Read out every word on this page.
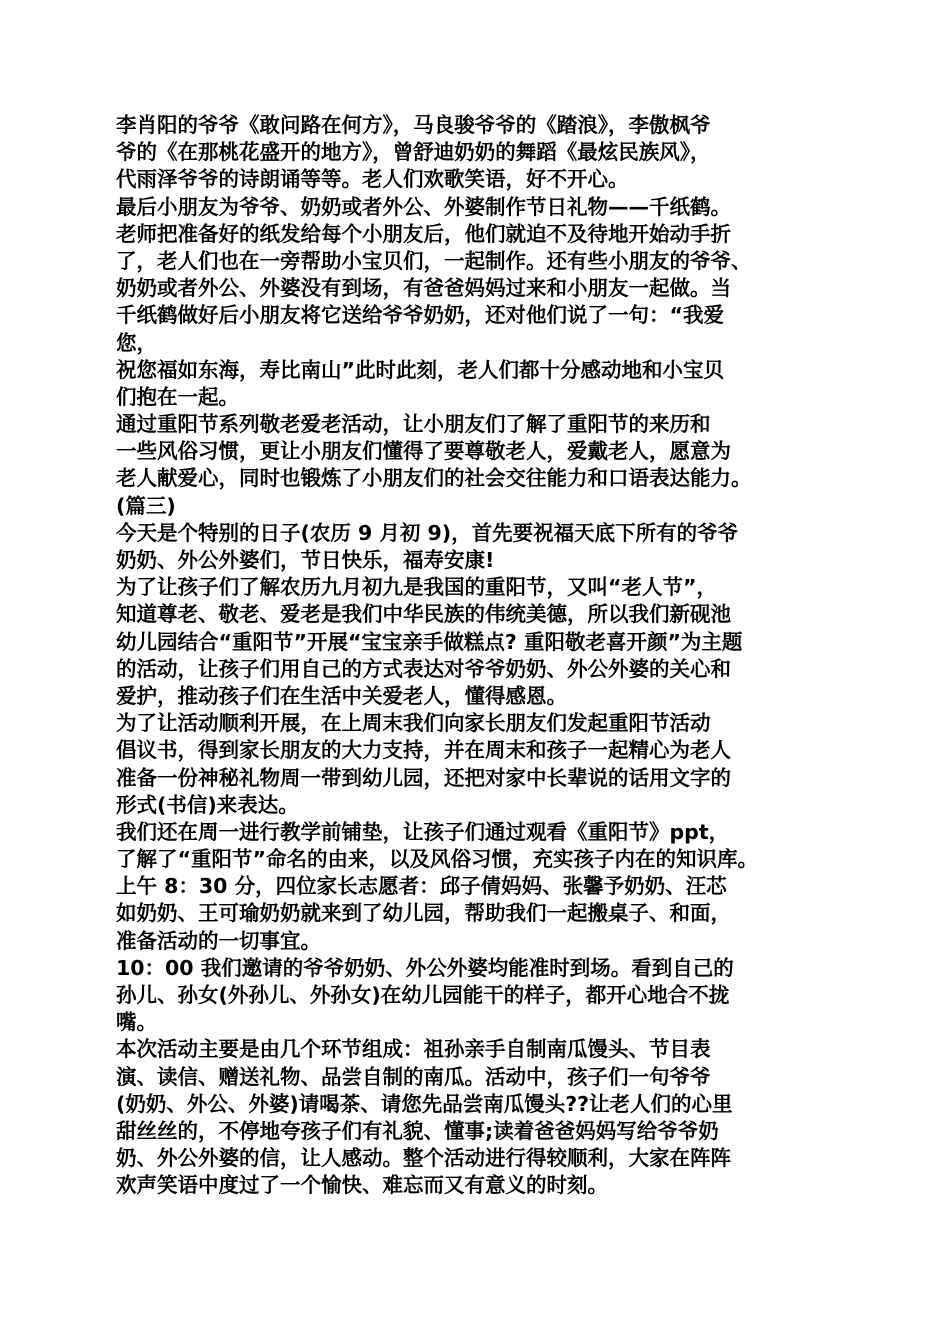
李肖阳的爷爷《敢问路在何方》，马良骏爷爷的《踏浪》，李傲枫爷
爷的《在那桃花盛开的地方》，曾舒迪奶奶的舞蹈《最炫民族风》，
代雨泽爷爷的诗朗诵等等。老人们欢歌笑语，好不开心。
最后小朋友为爷爷、奶奶或者外公、外婆制作节日礼物——千纸鹤。
老师把准备好的纸发给每个小朋友后，他们就迫不及待地开始动手折
了，老人们也在一旁帮助小宝贝们，一起制作。还有些小朋友的爷爷、
奶奶或者外公、外婆没有到场，有爸爸妈妈过来和小朋友一起做。当
千纸鹤做好后小朋友将它送给爷爷奶奶，还对他们说了一句：“我爱
您，
祝您福如东海，寿比南山”此时此刻，老人们都十分感动地和小宝贝
们抱在一起。
通过重阳节系列敬老爱老活动，让小朋友们了解了重阳节的来历和
一些风俗习惯，更让小朋友们懂得了要尊敬老人，爱戴老人，愿意为
老人献爱心，同时也锻炼了小朋友们的社会交往能力和口语表达能力。
(篇三)
今天是个特别的日子(农历 9 月初 9)，首先要祝福天底下所有的爷爷
奶奶、外公外婆们，节日快乐，福寿安康!
为了让孩子们了解农历九月初九是我国的重阳节，又叫“老人节”，
知道尊老、敬老、爱老是我们中华民族的伟统美德，所以我们新砚池
幼儿园结合“重阳节”开展“宝宝亲手做糕点? 重阳敬老喜开颜”为主题
的活动，让孩子们用自己的方式表达对爷爷奶奶、外公外婆的关心和
爱护，推动孩子们在生活中关爱老人，懂得感恩。
为了让活动顺利开展，在上周末我们向家长朋友们发起重阳节活动
倡议书，得到家长朋友的大力支持，并在周末和孩子一起精心为老人
准备一份神秘礼物周一带到幼儿园，还把对家中长辈说的话用文字的
形式(书信)来表达。
我们还在周一进行教学前铺垫，让孩子们通过观看《重阳节》ppt，
了解了“重阳节”命名的由来，以及风俗习惯，充实孩子内在的知识库。
上午 8：30 分，四位家长志愿者：邱子倩妈妈、张馨予奶奶、汪芯
如奶奶、王可瑜奶奶就来到了幼儿园，帮助我们一起搬桌子、和面，
准备活动的一切事宜。
10：00 我们邀请的爷爷奶奶、外公外婆均能准时到场。看到自己的
孙儿、孙女(外孙儿、外孙女)在幼儿园能干的样子，都开心地合不拢
嘴。
本次活动主要是由几个环节组成：祖孙亲手自制南瓜馒头、节目表
演、读信、赠送礼物、品尝自制的南瓜。活动中，孩子们一句爷爷
(奶奶、外公、外婆)请喝茶、请您先品尝南瓜馒头??让老人们的心里
甜丝丝的，不停地夸孩子们有礼貌、懂事;读着爸爸妈妈写给爷爷奶
奶、外公外婆的信，让人感动。整个活动进行得较顺利，大家在阵阵
欢声笑语中度过了一个愉快、难忘而又有意义的时刻。
